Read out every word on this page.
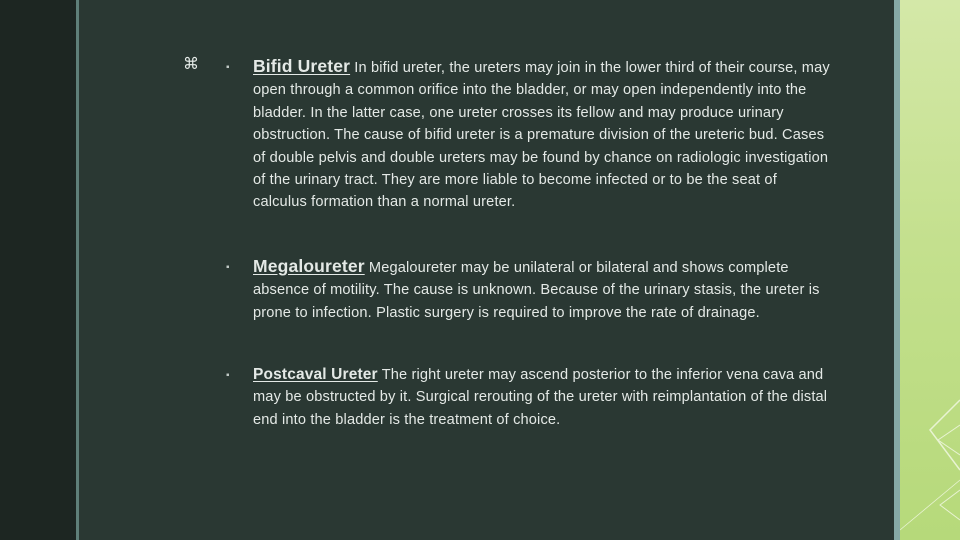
⌘	▪ Bifid Ureter In bifid ureter, the ureters may join in the lower third of their course, may open through a common orifice into the bladder, or may open independently into the bladder. In the latter case, one ureter crosses its fellow and may produce urinary obstruction. The cause of bifid ureter is a premature division of the ureteric bud. Cases of double pelvis and double ureters may be found by chance on radiologic investigation of the urinary tract. They are more liable to become infected or to be the seat of calculus formation than a normal ureter.

▪ Megaloureter Megaloureter may be unilateral or bilateral and shows complete absence of motility. The cause is unknown. Because of the urinary stasis, the ureter is prone to infection. Plastic surgery is required to improve the rate of drainage.

▪ Postcaval Ureter The right ureter may ascend posterior to the inferior vena cava and may be obstructed by it. Surgical rerouting of the ureter with reimplantation of the distal end into the bladder is the treatment of choice.
